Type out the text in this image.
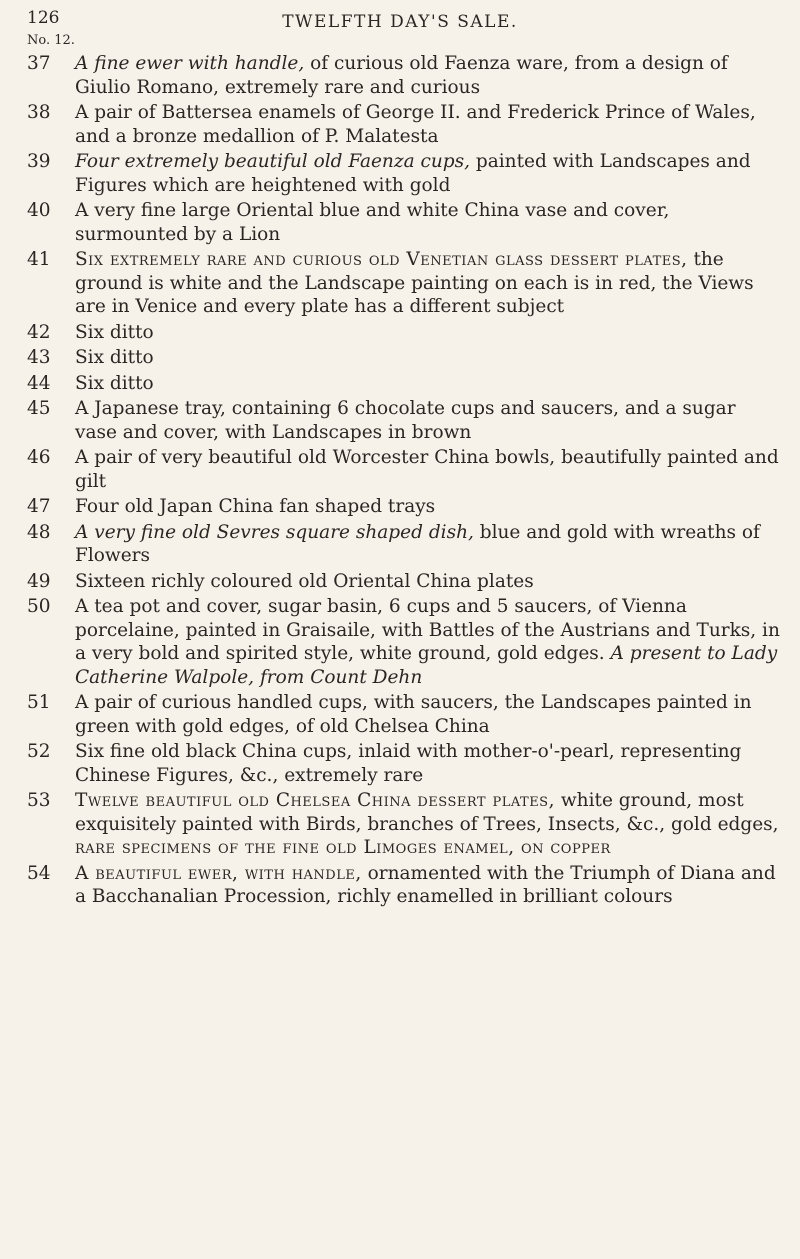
126	TWELFTH DAY'S SALE.
No. 12.
37	A fine ewer with handle, of curious old Faenza ware, from a design of Giulio Romano, extremely rare and curious
38	A pair of Battersea enamels of George II. and Frederick Prince of Wales, and a bronze medallion of P. Malatesta
39	Four extremely beautiful old Faenza cups, painted with Landscapes and Figures which are heightened with gold
40	A very fine large Oriental blue and white China vase and cover, surmounted by a Lion
41	Six extremely rare and curious old Venetian glass dessert plates, the ground is white and the Landscape painting on each is in red, the Views are in Venice and every plate has a different subject
42	Six ditto
43	Six ditto
44	Six ditto
45	A Japanese tray, containing 6 chocolate cups and saucers, and a sugar vase and cover, with Landscapes in brown
46	A pair of very beautiful old Worcester China bowls, beautifully painted and gilt
47	Four old Japan China fan shaped trays
48	A very fine old Sevres square shaped dish, blue and gold with wreaths of Flowers
49	Sixteen richly coloured old Oriental China plates
50	A tea pot and cover, sugar basin, 6 cups and 5 saucers, of Vienna porcelaine, painted in Graisaile, with Battles of the Austrians and Turks, in a very bold and spirited style, white ground, gold edges. A present to Lady Catherine Walpole, from Count Dehn
51	A pair of curious handled cups, with saucers, the Landscapes painted in green with gold edges, of old Chelsea China
52	Six fine old black China cups, inlaid with mother-o'-pearl, representing Chinese Figures, &c., extremely rare
53	Twelve beautiful old Chelsea China dessert plates, white ground, most exquisitely painted with Birds, branches of Trees, Insects, &c., gold edges, rare specimens of the fine old Limoges enamel, on copper
54	A beautiful ewer, with handle, ornamented with the Triumph of Diana and a Bacchanalian Procession, richly enamelled in brilliant colours
